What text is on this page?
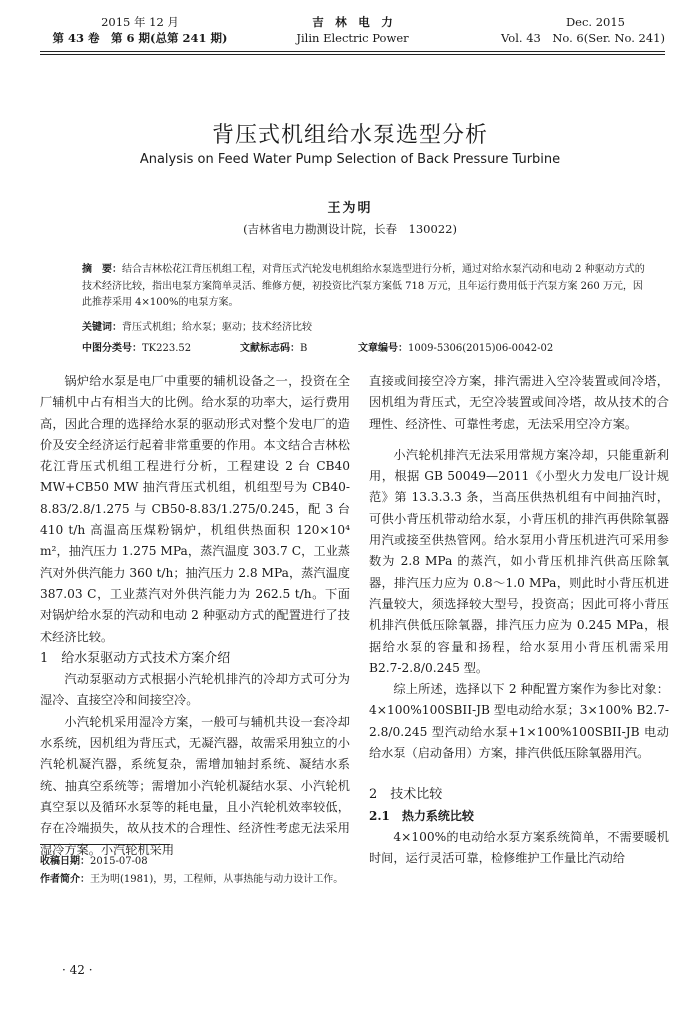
2015 年 12 月
第 43 卷　第 6 期(总第 241 期)
吉　林　电　力
Jilin Electric Power
Dec. 2015
Vol. 43　No. 6(Ser. No. 241)
背压式机组给水泵选型分析
Analysis on Feed Water Pump Selection of Back Pressure Turbine
王为明
(吉林省电力勘测设计院，长春　130022)
摘　要：结合吉林松花江背压机组工程，对背压式汽轮发电机组给水泵选型进行分析，通过对给水泵汽动和电动 2 种驱动方式的技术经济比较，指出电泵方案简单灵活、维修方便，初投资比汽泵方案低 718 万元，且年运行费用低于汽泵方案 260 万元，因此推荐采用 4×100%的电泵方案。
关键词：背压式机组；给水泵；驱动；技术经济比较
中图分类号：TK223.52	文献标志码：B	文章编号：1009-5306(2015)06-0042-02

锅炉给水泵是电厂中重要的辅机设备之一，投资在全厂辅机中占有相当大的比例。给水泵的功率大，运行费用高，因此合理的选择给水泵的驱动形式对整个发电厂的造价及安全经济运行起着非常重要的作用。本文结合吉林松花江背压式机组工程进行分析，工程建设 2 台 CB40 MW+CB50 MW 抽汽背压式机组，机组型号为 CB40-8.83/2.8/1.275 与 CB50-8.83/1.275/0.245，配 3 台 410 t/h 高温高压煤粉锅炉，机组供热面积 120×10⁴ m²，抽汽压力 1.275 MPa，蒸汽温度 303.7 C，工业蒸汽对外供汽能力 360 t/h；抽汽压力 2.8 MPa，蒸汽温度 387.03 C，工业蒸汽对外供汽能力为 262.5 t/h。下面对锅炉给水泵的汽动和电动 2 种驱动方式的配置进行了技术经济比较。

1　给水泵驱动方式技术方案介绍

汽动泵驱动方式根据小汽轮机排汽的冷却方式可分为湿冷、直接空冷和间接空冷。

小汽轮机采用湿冷方案，一般可与辅机共设一套冷却水系统，因机组为背压式，无凝汽器，故需采用独立的小汽轮机凝汽器，系统复杂，需增加轴封系统、凝结水系统、抽真空系统等；需增加小汽轮机凝结水泵、小汽轮机真空泵以及循环水泵等的耗电量，且小汽轮机效率较低，存在冷端损失，故从技术的合理性、经济性考虑无法采用湿冷方案。小汽轮机采用

直接或间接空冷方案，排汽需进入空冷装置或间冷塔，因机组为背压式，无空冷装置或间冷塔，故从技术的合理性、经济性、可靠性考虑，无法采用空冷方案。

小汽轮机排汽无法采用常规方案冷却，只能重新利用，根据 GB 50049—2011《小型火力发电厂设计规范》第 13.3.3.3 条，当高压供热机组有中间抽汽时，可供小背压机带动给水泵，小背压机的排汽再供除氧器用汽或接至供热管网。给水泵用小背压机进汽可采用参数为 2.8 MPa 的蒸汽，如小背压机排汽供高压除氧器，排汽压力应为 0.8～1.0 MPa，则此时小背压机进汽量较大，须选择较大型号，投资高；因此可将小背压机排汽供低压除氧器，排汽压力应为 0.245 MPa，根据给水泵的容量和扬程，给水泵用小背压机需采用 B2.7-2.8/0.245 型。

综上所述，选择以下 2 种配置方案作为参比对象：4×100%100SBII-JB 型电动给水泵；3×100% B2.7-2.8/0.245 型汽动给水泵+1×100%100SBII-JB 电动给水泵（启动备用）方案，排汽供低压除氧器用汽。

2　技术比较

2.1　热力系统比较

4×100%的电动给水泵方案系统简单，不需要暖机时间，运行灵活可靠，检修维护工作量比汽动给

收稿日期：2015-07-08
作者简介：王为明(1981)，男，工程师，从事热能与动力设计工作。
· 42 ·
